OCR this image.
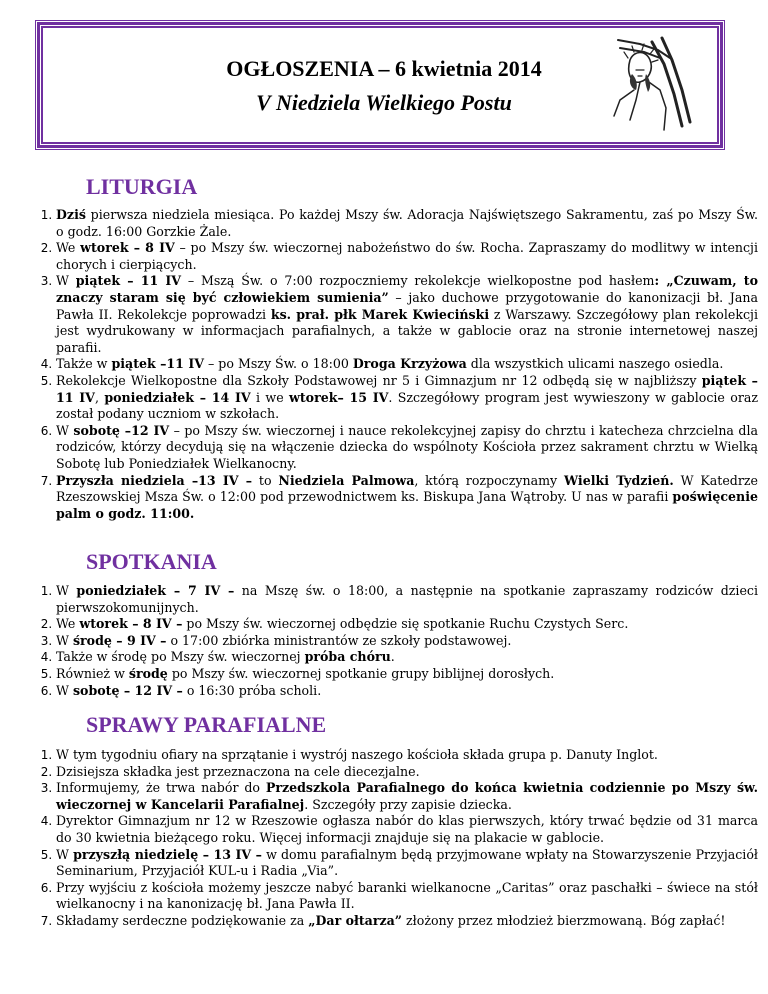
OGŁOSZENIA – 6 kwietnia 2014
V Niedziela Wielkiego Postu
LITURGIA
1. Dziś pierwsza niedziela miesiąca. Po każdej Mszy św. Adoracja Najświętszego Sakramentu, zaś po Mszy Św. o godz. 16:00 Gorzkie Żale.
2. We wtorek – 8 IV – po Mszy św. wieczornej nabożeństwo do św. Rocha. Zapraszamy do modlitwy w intencji chorych i cierpiących.
3. W piątek – 11 IV – Mszą Św. o 7:00 rozpoczniemy rekolekcje wielkopostne pod hasłem: „Czuwam, to znaczy staram się być człowiekiem sumienia” – jako duchowe przygotowanie do kanonizacji bł. Jana Pawła II. Rekolekcje poprowadzi ks. prał. płk Marek Kwieciński z Warszawy. Szczegółowy plan rekolekcji jest wydrukowany w informacjach parafialnych, a także w gablocie oraz na stronie internetowej naszej parafii.
4. Także w piątek –11 IV – po Mszy Św. o 18:00 Droga Krzyżowa dla wszystkich ulicami naszego osiedla.
5. Rekolekcje Wielkopostne dla Szkoły Podstawowej nr 5 i Gimnazjum nr 12 odbędą się w najbliższy piątek – 11 IV, poniedziałek – 14 IV i we wtorek– 15 IV. Szczegółowy program jest wywieszony w gablocie oraz został podany uczniom w szkołach.
6. W sobotę –12 IV – po Mszy św. wieczornej i nauce rekolekcyjnej zapisy do chrztu i katecheza chrzcielna dla rodziców, którzy decydują się na włączenie dziecka do wspólnoty Kościoła przez sakrament chrztu w Wielką Sobotę lub Poniedziałek Wielkanocny.
7. Przyszła niedziela –13 IV – to Niedziela Palmowa, którą rozpoczynamy Wielki Tydzień. W Katedrze Rzeszowskiej Msza Św. o 12:00 pod przewodnictwem ks. Biskupa Jana Wątroby. U nas w parafii poświęcenie palm o godz. 11:00.
SPOTKANIA
1. W poniedziałek – 7 IV – na Mszę św. o 18:00, a następnie na spotkanie zapraszamy rodziców dzieci pierwszokomunijnych.
2. We wtorek – 8 IV – po Mszy św. wieczornej odbędzie się spotkanie Ruchu Czystych Serc.
3. W środę – 9 IV – o 17:00 zbiórka ministrantów ze szkoły podstawowej.
4. Także w środę po Mszy św. wieczornej próba chóru.
5. Również w środę po Mszy św. wieczornej spotkanie grupy biblijnej dorosłych.
6. W sobotę – 12 IV – o 16:30 próba scholi.
SPRAWY PARAFIALNE
1. W tym tygodniu ofiary na sprzątanie i wystrój naszego kościoła składa grupa p. Danuty Inglot.
2. Dzisiejsza składka jest przeznaczona na cele diecezjalne.
3. Informujemy, że trwa nabór do Przedszkola Parafialnego do końca kwietnia codziennie po Mszy św. wieczornej w Kancelarii Parafialnej. Szczegóły przy zapisie dziecka.
4. Dyrektor Gimnazjum nr 12 w Rzeszowie ogłasza nabór do klas pierwszych, który trwać będzie od 31 marca do 30 kwietnia bieżącego roku. Więcej informacji znajduje się na plakacie w gablocie.
5. W przyszłą niedzielę – 13 IV – w domu parafialnym będą przyjmowane wpłaty na Stowarzyszenie Przyjaciół Seminarium, Przyjaciół KUL-u i Radia „Via”.
6. Przy wyjściu z kościoła możemy jeszcze nabyć baranki wielkanocne „Caritas” oraz paschałki – świece na stół wielkanocny i na kanonizację bł. Jana Pawła II.
7. Składamy serdeczne podziękowanie za „Dar ołtarza” złożony przez młodzież bierzmowaną. Bóg zapłać!
